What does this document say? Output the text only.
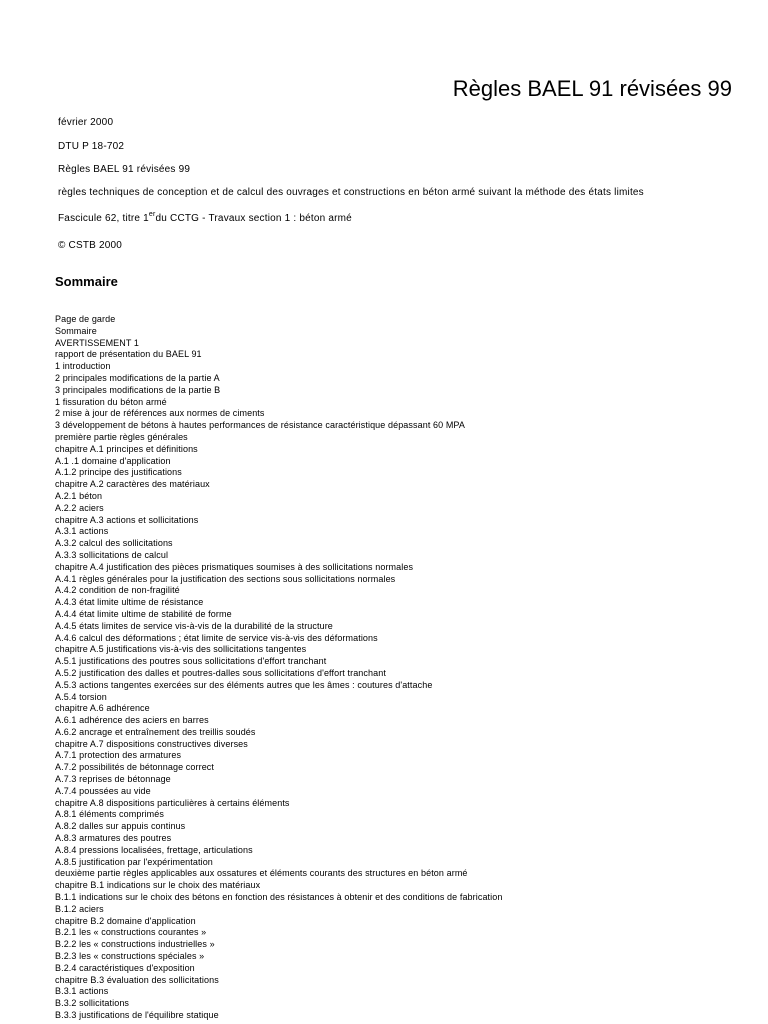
Règles BAEL 91 révisées 99
février 2000
DTU P 18-702
Règles BAEL 91 révisées 99
règles techniques de conception et de calcul des ouvrages et constructions en béton armé suivant la méthode des états limites
Fascicule 62, titre 1erdu CCTG - Travaux section 1 : béton armé
© CSTB 2000
Sommaire
Page de garde
Sommaire
AVERTISSEMENT 1
rapport de présentation du BAEL 91
1 introduction
2 principales modifications de la partie A
3 principales modifications de la partie B
1 fissuration du béton armé
2 mise à jour de références aux normes de ciments
3 développement de bétons à hautes performances de résistance caractéristique dépassant 60 MPA
première partie règles générales
chapitre A.1 principes et définitions
A.1 .1 domaine d'application
A.1.2 principe des justifications
chapitre A.2 caractères des matériaux
A.2.1 béton
A.2.2 aciers
chapitre A.3 actions et sollicitations
A.3.1 actions
A.3.2 calcul des sollicitations
A.3.3 sollicitations de calcul
chapitre A.4 justification des pièces prismatiques soumises à des sollicitations normales
A.4.1 règles générales pour la justification des sections sous sollicitations normales
A.4.2 condition de non-fragilité
A.4.3 état limite ultime de résistance
A.4.4 état limite ultime de stabilité de forme
A.4.5 états limites de service vis-à-vis de la durabilité de la structure
A.4.6 calcul des déformations ; état limite de service vis-à-vis des déformations
chapitre A.5 justifications vis-à-vis des sollicitations tangentes
A.5.1 justifications des poutres sous sollicitations d'effort tranchant
A.5.2 justification des dalles et poutres-dalles sous sollicitations d'effort tranchant
A.5.3 actions tangentes exercées sur des éléments autres que les âmes : coutures d'attache
A.5.4 torsion
chapitre A.6 adhérence
A.6.1 adhérence des aciers en barres
A.6.2 ancrage et entraînement des treillis soudés
chapitre A.7 dispositions constructives diverses
A.7.1 protection des armatures
A.7.2 possibilités de bétonnage correct
A.7.3 reprises de bétonnage
A.7.4 poussées au vide
chapitre A.8 dispositions particulières à certains éléments
A.8.1 éléments comprimés
A.8.2 dalles sur appuis continus
A.8.3 armatures des poutres
A.8.4 pressions localisées, frettage, articulations
A.8.5 justification par l'expérimentation
deuxième partie règles applicables aux ossatures et éléments courants des structures en béton armé
chapitre B.1 indications sur le choix des matériaux
B.1.1 indications sur le choix des bétons en fonction des résistances à obtenir et des conditions de fabrication
B.1.2 aciers
chapitre B.2 domaine d'application
B.2.1 les « constructions courantes »
B.2.2 les « constructions industrielles »
B.2.3 les « constructions spéciales »
B.2.4 caractéristiques d'exposition
chapitre B.3 évaluation des sollicitations
B.3.1 actions
B.3.2 sollicitations
B.3.3 justifications de l'équilibre statique
